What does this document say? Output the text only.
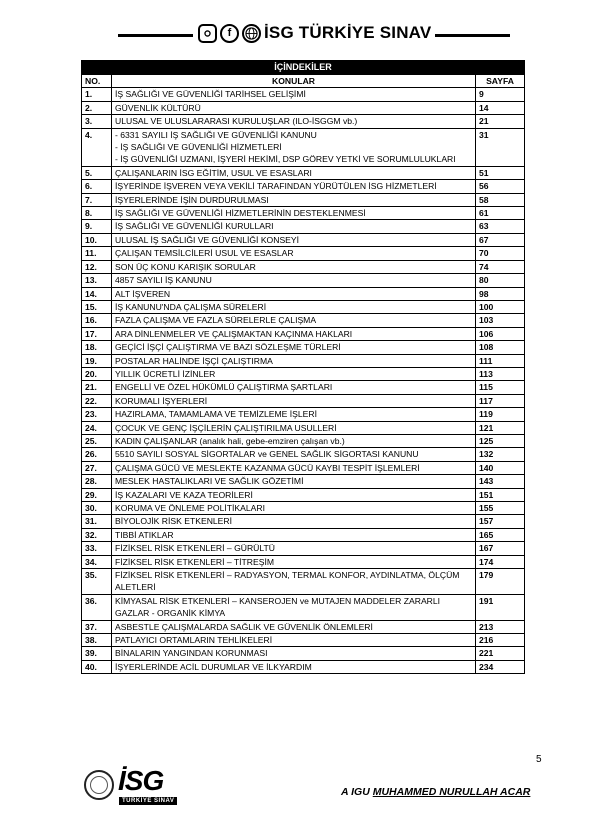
f	İSG TÜRKİYE SINAV
İÇİNDEKİLER		
NO.	KONULAR	SAYFA
1.	İŞ SAĞLIĞI VE GÜVENLİĞİ TARİHSEL GELİŞİMİ	9
2.	GÜVENLİK KÜLTÜRÜ	14
3.	ULUSAL VE ULUSLARARASI KURULUŞLAR (ILO-İSGGM vb.)	21
4.	- 6331 SAYILI İŞ SAĞLIĞI VE GÜVENLİĞİ KANUNU
- İŞ SAĞLIĞI VE GÜVENLİĞİ HİZMETLERİ
- İŞ GÜVENLİĞİ UZMANI, İŞYERİ HEKİMİ, DSP GÖREV YETKİ VE SORUMLULUKLARI	31
5.	ÇALIŞANLARIN İSG EĞİTİM, USUL VE ESASLARI	51
6.	İŞYERİNDE İŞVEREN VEYA VEKİLİ TARAFINDAN YÜRÜTÜLEN İSG HİZMETLERİ	56
7.	İŞYERLERİNDE İŞİN DURDURULMASI	58
8.	İŞ SAĞLIĞI VE GÜVENLİĞİ HİZMETLERİNİN DESTEKLENMESİ	61
9.	İŞ SAĞLIĞI VE GÜVENLİĞİ KURULLARI	63
10.	ULUSAL İŞ SAĞLIĞI VE GÜVENLİĞİ KONSEYİ	67
11.	ÇALIŞAN TEMSİLCİLERİ USUL VE ESASLAR	70
12.	SON ÜÇ KONU KARIŞIK SORULAR	74
13.	4857 SAYILI İŞ KANUNU	80
14.	ALT İŞVEREN	98
15.	İŞ KANUNU'NDA ÇALIŞMA SÜRELERİ	100
16.	FAZLA ÇALIŞMA VE FAZLA SÜRELERLE ÇALIŞMA	103
17.	ARA DİNLENMELER VE ÇALIŞMAKTAN KAÇINMA HAKLARI	106
18.	GEÇİCİ İŞÇİ ÇALIŞTIRMA VE BAZI SÖZLEŞME TÜRLERİ	108
19.	POSTALAR HALİNDE İŞÇİ ÇALIŞTIRMA	111
20.	YILLIK ÜCRETLİ İZİNLER	113
21.	ENGELLİ VE ÖZEL HÜKÜMLÜ ÇALIŞTIRMA ŞARTLARI	115
22.	KORUMALI İŞYERLERİ	117
23.	HAZIRLAMA, TAMAMLAMA VE TEMİZLEME İŞLERİ	119
24.	ÇOCUK VE GENÇ İŞÇİLERİN ÇALIŞTIRILMA USULLERİ	121
25.	KADIN ÇALIŞANLAR (analık hali, gebe-emziren çalışan vb.)	125
26.	5510 SAYILI SOSYAL SİGORTALAR ve GENEL SAĞLIK SİGORTASI KANUNU	132
27.	ÇALIŞMA GÜCÜ VE MESLEKTE KAZANMA GÜCÜ KAYBI TESPİT İŞLEMLERİ	140
28.	MESLEK HASTALIKLARI VE SAĞLIK GÖZETİMİ	143
29.	İŞ KAZALARI VE KAZA TEORİLERİ	151
30.	KORUMA VE ÖNLEME POLİTİKALARI	155
31.	BİYOLOJİK RİSK ETKENLERİ	157
32.	TIBBİ ATIKLAR	165
33.	FİZİKSEL RİSK ETKENLERİ – GÜRÜLTÜ	167
34.	FİZİKSEL RİSK ETKENLERİ – TİTREŞİM	174
35.	FİZİKSEL RİSK ETKENLERİ – RADYASYON, TERMAL KONFOR, AYDINLATMA, ÖLÇÜM ALETLERİ	179
36.	KİMYASAL RİSK ETKENLERİ – KANSEROJEN ve MUTAJEN MADDELER ZARARLI GAZLAR - ORGANİK KİMYA	191
37.	ASBESTLE ÇALIŞMALARDA SAĞLIK VE GÜVENLİK ÖNLEMLERİ	213
38.	PATLAYICI ORTAMLARIN TEHLİKELERİ	216
39.	BİNALARIN YANGINDAN KORUNMASI	221
40.	İŞYERLERİNDE ACİL DURUMLAR VE İLKYARDIM	234
5
İSG
TÜRKİYE SINAV
A IGU MUHAMMED NURULLAH ACAR
